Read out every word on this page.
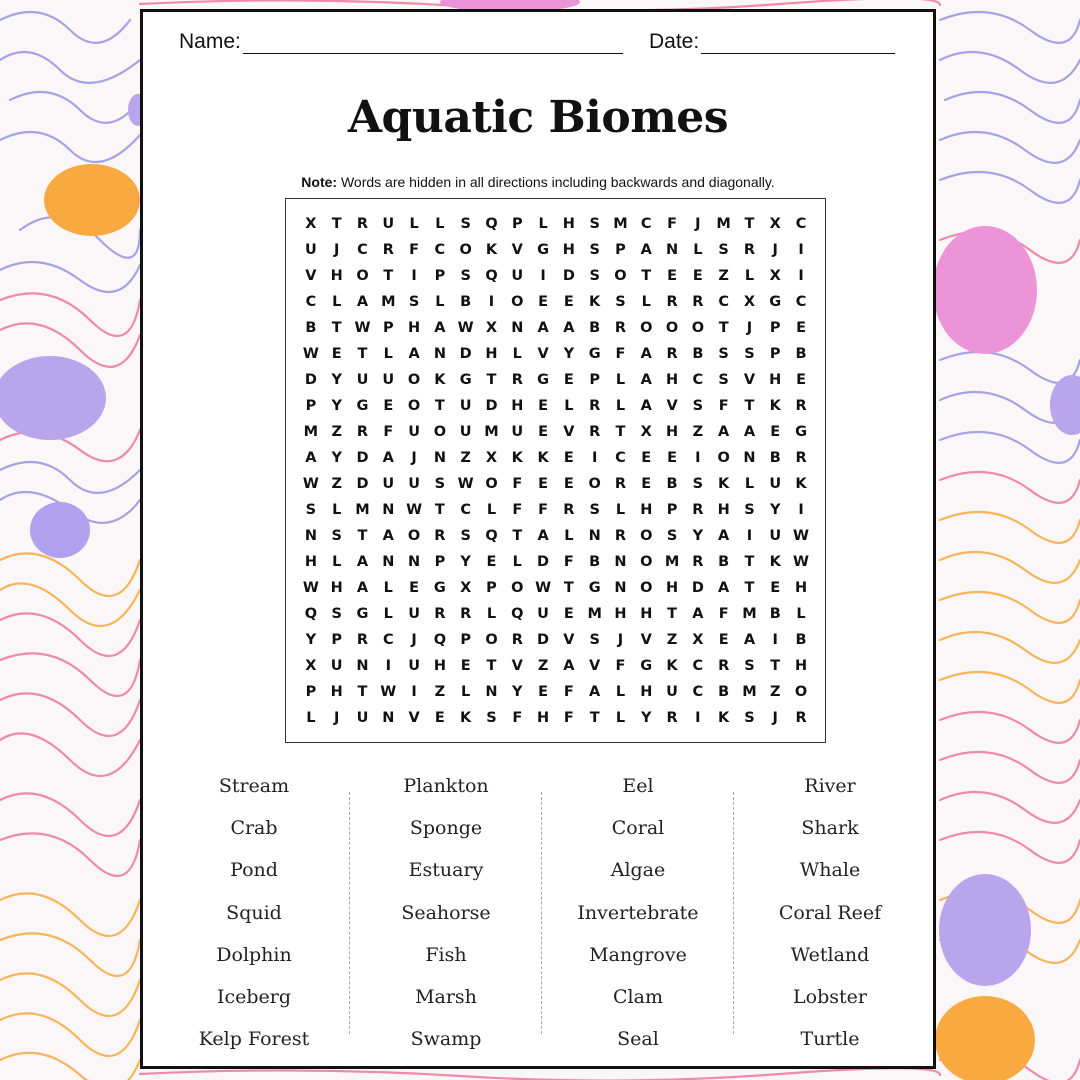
Name:	Date:
Aquatic Biomes
Note: Words are hidden in all directions including backwards and diagonally.
X	T	R U	L	L	S Q P	L	H	S M C	F	J	M T	X	C
U	J	C	R	F	C O K	V G H	S	P	A N	L	S	R	J	I
V H O	T	I	P	S Q U	I	D	S O	T	E	E	Z	L	X	I
C	L	A M S	L	B	I	O	E	E	K	S	L	R	R	C	X G	C
B	T W P H A W X N A	A	B	R O O O	T	J	P	E
W E	T	L	A N D H	L	V	Y	G	F	A	R	B	S	S	P	B
D	Y	U U O K G	T	R G	E	P	L	A H C	S	V H	E
P	Y	G	E	O	T	U D H	E	L	R	L	A	V	S	F	T	K	R
M Z	R	F	U O U M U	E	V	R	T	X H Z	A	A	E	G
A	Y	D A	J	N Z	X	K	K	E	I	C	E	E	I	O N B	R
W Z	D U U	S W O	F	E	E	O R	E	B	S	K	L	U K
S	L M N W T	C	L	F	F	R	S	L	H P	R H	S	Y	I
N	S	T	A O R	S Q	T	A	L	N R O S	Y	A	I	U W
H	L	A N N P	Y	E	L	D	F	B N O M R	B	T	K W
W H A	L	E	G X	P O W T	G N O H D A	T	E	H
Q S	G	L	U R	R	L	Q U	E M H H	T	A	F M B	L
Y	P	R	C	J	Q P O R D V	S	J	V	Z	X	E	A	I	B
X U N	I	U H	E	T	V	Z	A	V	F	G K	C	R	S	T	H
P H	T W	I	Z	L	N Y	E	F	A	L	H U	C	B M Z O
L	J	U N V	E	K	S	F	H	F	T	L	Y	R	I	K	S	J	R
Stream
Crab
Pond
Squid
Dolphin
Iceberg
Kelp Forest
Plankton
Sponge
Estuary
Seahorse
Fish
Marsh
Swamp
Eel
Coral
Algae
Invertebrate
Mangrove
Clam
Seal
River
Shark
Whale
Coral Reef
Wetland
Lobster
Turtle
